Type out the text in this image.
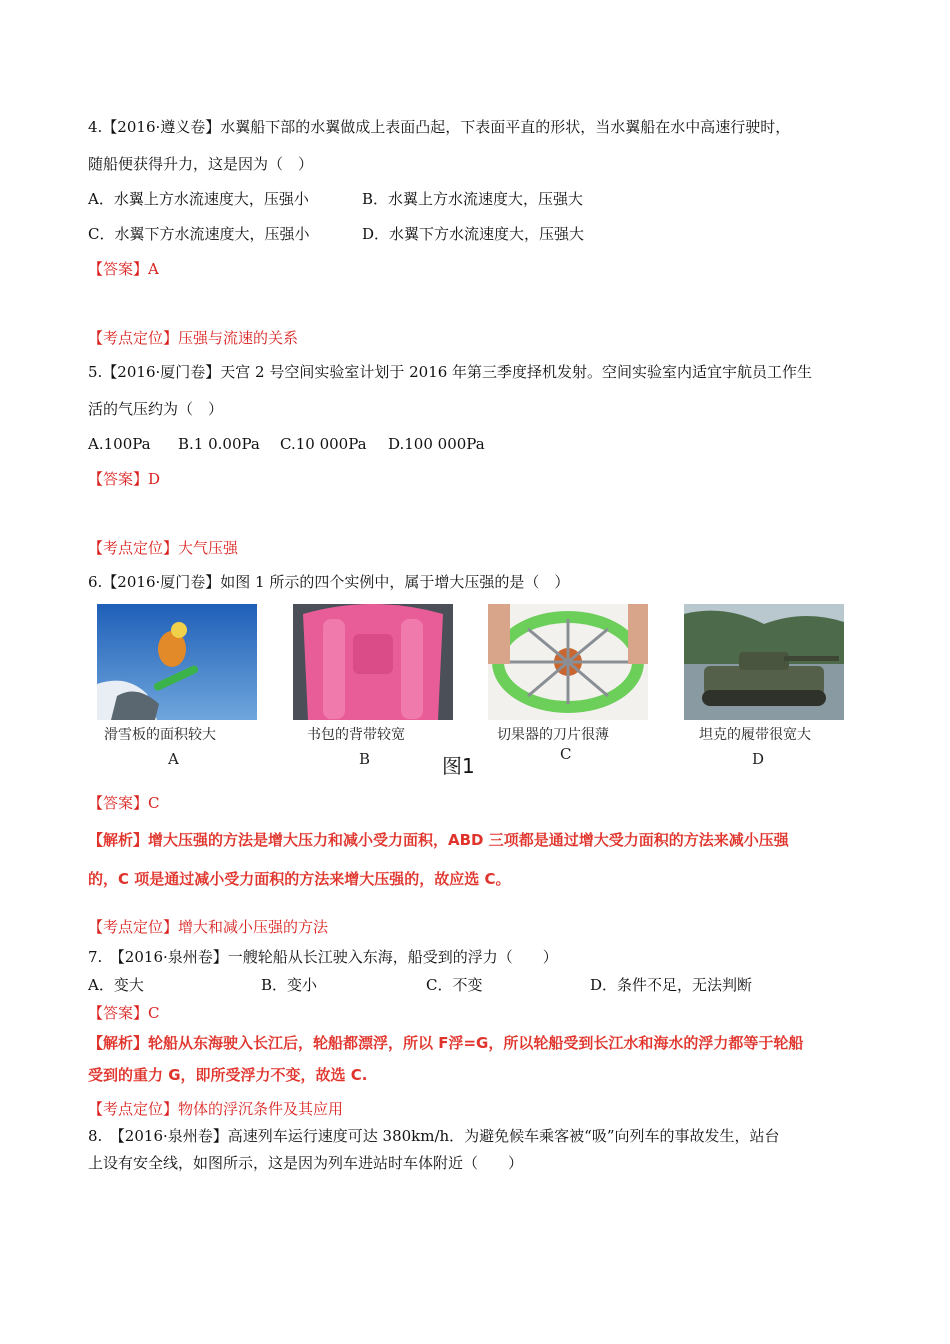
4.【2016·遵义卷】水翼船下部的水翼做成上表面凸起，下表面平直的形状，当水翼船在水中高速行驶时，
随船便获得升力，这是因为（　）
A．水翼上方水流速度大，压强小	B．水翼上方水流速度大，压强大
C．水翼下方水流速度大，压强小	D．水翼下方水流速度大，压强大
【答案】A
【考点定位】压强与流速的关系
5.【2016·厦门卷】天宫 2 号空间实验室计划于 2016 年第三季度择机发射。空间实验室内适宜宇航员工作生
活的气压约为（　）
A.100Pa B.1 0.00Pa C.10 000Pa D.100 000Pa
【答案】D
【考点定位】大气压强
6.【2016·厦门卷】如图 1 所示的四个实例中，属于增大压强的是（　）
滑雪板的面积较大	书包的背带较宽	切果器的刀片很薄	坦克的履带很宽大
A	B	C	D
图1
【答案】C
【解析】增大压强的方法是增大压力和减小受力面积，ABD 三项都是通过增大受力面积的方法来减小压强
的，C 项是通过减小受力面积的方法来增大压强的，故应选 C。
【考点定位】增大和减小压强的方法
7.　【2016·泉州卷】一艘轮船从长江驶入东海，船受到的浮力（　　）
A．变大	B．变小	C．不变	D．条件不足，无法判断
【答案】C
【解析】轮船从东海驶入长江后，轮船都漂浮，所以 F浮=G，所以轮船受到长江水和海水的浮力都等于轮船
受到的重力 G，即所受浮力不变，故选 C.
【考点定位】物体的浮沉条件及其应用
8.　【2016·泉州卷】高速列车运行速度可达 380km/h．为避免候车乘客被“吸”向列车的事故发生，站台
上设有安全线，如图所示，这是因为列车进站时车体附近（　　）
